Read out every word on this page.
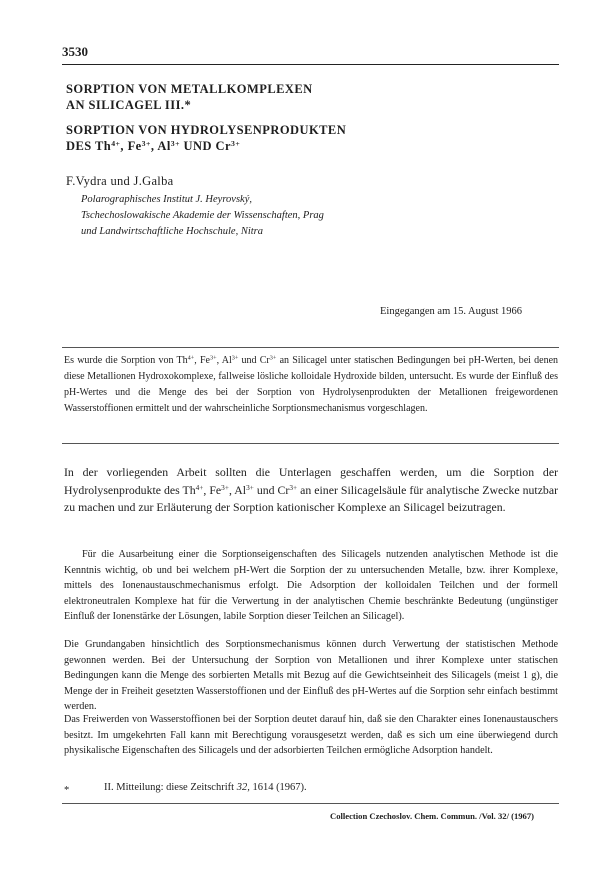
3530
SORPTION VON METALLKOMPLEXEN
AN SILICAGEL III.*
SORPTION VON HYDROLYSENPRODUKTEN
DES $Th^{4+}$, $Fe^{3+}$, $Al^{3+}$ UND $Cr^{3+}$
F.Vydra und J.Galba
Polarographisches Institut J. Heyrovský,
Tschechoslowakische Akademie der Wissenschaften, Prag
und Landwirtschaftliche Hochschule, Nitra
Eingegangen am 15. August 1966
Es wurde die Sorption von $Th^{4+}$, $Fe^{3+}$, $Al^{3+}$ und $Cr^{3+}$ an Silicagel unter statischen Bedingungen bei pH-Werten, bei denen diese Metallionen Hydroxokomplexe, fallweise lösliche kolloidale Hydroxide bilden, untersucht. Es wurde der Einfluß des pH-Wertes und die Menge des bei der Sorption von Hydrolysenprodukten der Metallionen freigewordenen Wasserstoffionen ermittelt und der wahrscheinliche Sorptionsmechanismus vorgeschlagen.
In der vorliegenden Arbeit sollten die Unterlagen geschaffen werden, um die Sorption der Hydrolysenprodukte des $Th^{4+}$, $Fe^{3+}$, $Al^{3+}$ und $Cr^{3+}$ an einer Silicagelsäule für analytische Zwecke nutzbar zu machen und zur Erläuterung der Sorption kationischer Komplexe an Silicagel beizutragen.
Für die Ausarbeitung einer die Sorptionseigenschaften des Silicagels nutzenden analytischen Methode ist die Kenntnis wichtig, ob und bei welchem pH-Wert die Sorption der zu untersuchenden Metalle, bzw. ihrer Komplexe, mittels des Ionenaustauschmechanismus erfolgt. Die Adsorption der kolloidalen Teilchen und der formell elektroneutralen Komplexe hat für die Verwertung in der analytischen Chemie beschränkte Bedeutung (ungünstiger Einfluß der Ionenstärke der Lösungen, labile Sorption dieser Teilchen an Silicagel).
Die Grundangaben hinsichtlich des Sorptionsmechanismus können durch Verwertung der statistischen Methode gewonnen werden. Bei der Untersuchung der Sorption von Metallionen und ihrer Komplexe unter statischen Bedingungen kann die Menge des sorbierten Metalls mit Bezug auf die Gewichtseinheit des Silicagels (meist 1 g), die Menge der in Freiheit gesetzten Wasserstoffionen und der Einfluß des pH-Wertes auf die Sorption sehr einfach bestimmt werden.
Das Freiwerden von Wasserstoffionen bei der Sorption deutet darauf hin, daß sie den Charakter eines Ionenaustauschers besitzt. Im umgekehrten Fall kann mit Berechtigung vorausgesetzt werden, daß es sich um eine überwiegend durch physikalische Eigenschaften des Silicagels und der adsorbierten Teilchen ermögliche Adsorption handelt.
*	II. Mitteilung: diese Zeitschrift 32, 1614 (1967).
Collection Czechoslov. Chem. Commun. /Vol. 32/ (1967)
